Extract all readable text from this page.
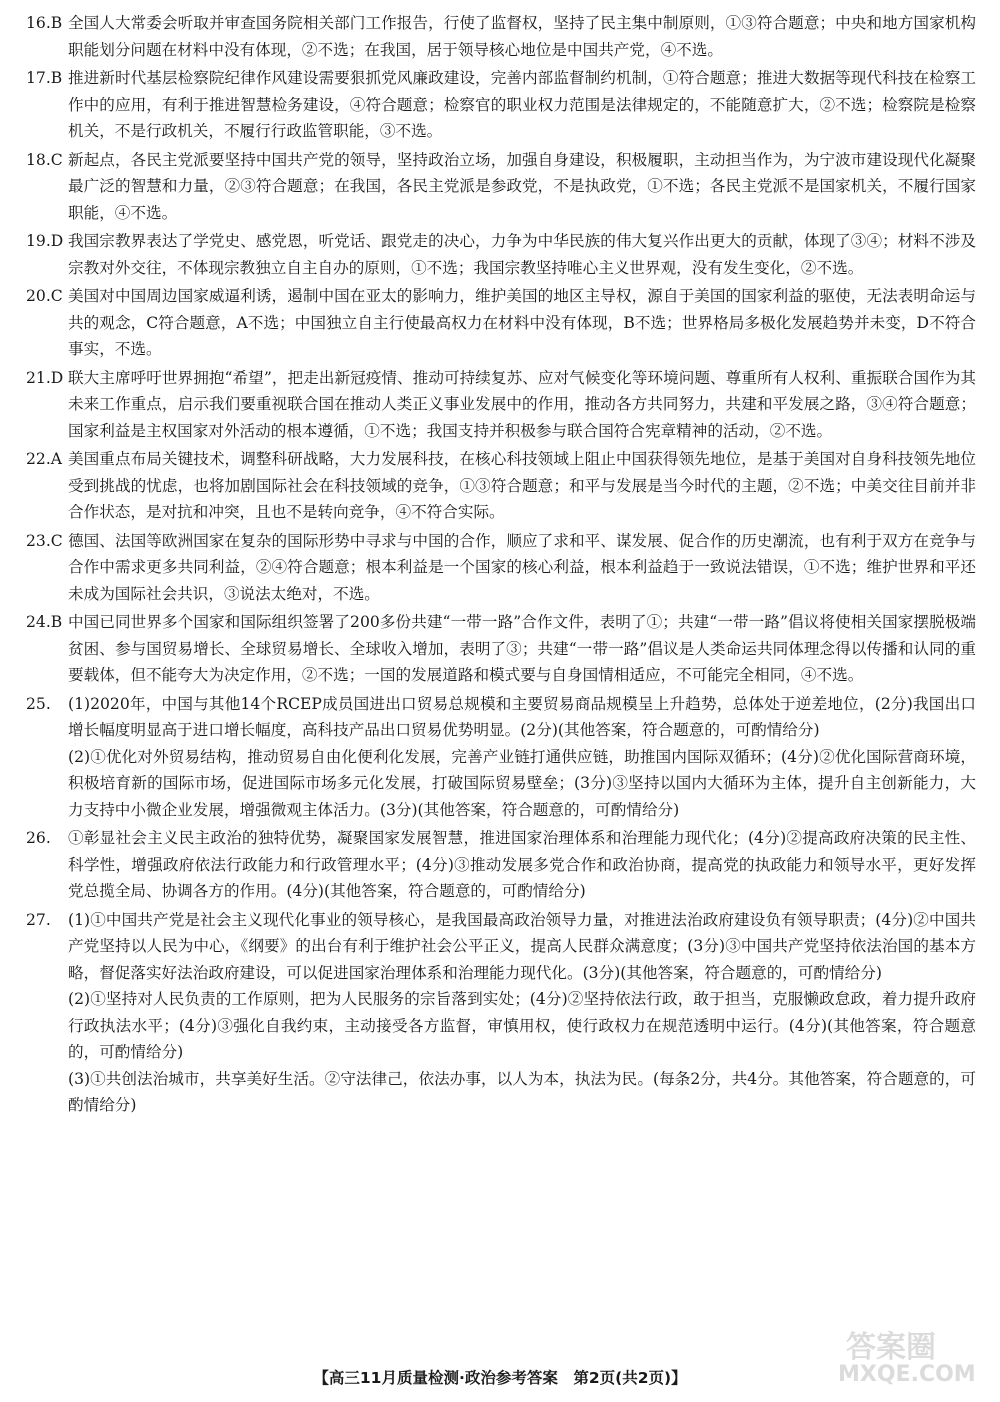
16.B 全国人大常委会听取并审查国务院相关部门工作报告，行使了监督权，坚持了民主集中制原则，①③符合题意；中央和地方国家机构职能划分问题在材料中没有体现，②不选；在我国，居于领导核心地位是中国共产党，④不选。
17.B 推进新时代基层检察院纪律作风建设需要狠抓党风廉政建设，完善内部监督制约机制，①符合题意；推进大数据等现代科技在检察工作中的应用，有利于推进智慧检务建设，④符合题意；检察官的职业权力范围是法律规定的，不能随意扩大，②不选；检察院是检察机关，不是行政机关，不履行行政监管职能，③不选。
18.C 新起点，各民主党派要坚持中国共产党的领导，坚持政治立场，加强自身建设，积极履职，主动担当作为，为宁波市建设现代化凝聚最广泛的智慧和力量，②③符合题意；在我国，各民主党派是参政党，不是执政党，①不选；各民主党派不是国家机关，不履行国家职能，④不选。
19.D 我国宗教界表达了学党史、感党恩，听党话、跟党走的决心，力争为中华民族的伟大复兴作出更大的贡献，体现了③④；材料不涉及宗教对外交往，不体现宗教独立自主自办的原则，①不选；我国宗教坚持唯心主义世界观，没有发生变化，②不选。
20.C 美国对中国周边国家威逼利诱，遏制中国在亚太的影响力，维护美国的地区主导权，源自于美国的国家利益的驱使，无法表明命运与共的观念，C符合题意，A不选；中国独立自主行使最高权力在材料中没有体现，B不选；世界格局多极化发展趋势并未变，D不符合事实，不选。
21.D 联大主席呼吁世界拥抱“希望”，把走出新冠疫情、推动可持续复苏、应对气候变化等环境问题、尊重所有人权利、重振联合国作为其未来工作重点，启示我们要重视联合国在推动人类正义事业发展中的作用，推动各方共同努力，共建和平发展之路，③④符合题意；国家利益是主权国家对外活动的根本遵循，①不选；我国支持并积极参与联合国符合宪章精神的活动，②不选。
22.A 美国重点布局关键技术，调整科研战略，大力发展科技，在核心科技领域上阻止中国获得领先地位，是基于美国对自身科技领先地位受到挑战的忧虑，也将加剧国际社会在科技领域的竞争，①③符合题意；和平与发展是当今时代的主题，②不选；中美交往目前并非合作状态，是对抗和冲突，且也不是转向竞争，④不符合实际。
23.C 德国、法国等欧洲国家在复杂的国际形势中寻求与中国的合作，顺应了求和平、谋发展、促合作的历史潮流，也有利于双方在竞争与合作中需求更多共同利益，②④符合题意；根本利益是一个国家的核心利益，根本利益趋于一致说法错误，①不选；维护世界和平还未成为国际社会共识，③说法太绝对，不选。
24.B 中国已同世界多个国家和国际组织签署了200多份共建“一带一路”合作文件，表明了①；共建“一带一路”倡议将使相关国家摆脱极端贫困、参与国贸易增长、全球贸易增长、全球收入增加，表明了③；共建“一带一路”倡议是人类命运共同体理念得以传播和认同的重要载体，但不能夸大为决定作用，②不选；一国的发展道路和模式要与自身国情相适应，不可能完全相同，④不选。
25.	(1)2020年，中国与其他14个RCEP成员国进出口贸易总规模和主要贸易商品规模呈上升趋势，总体处于逆差地位，(2分)我国出口增长幅度明显高于进口增长幅度，高科技产品出口贸易优势明显。(2分)(其他答案，符合题意的，可酌情给分)
(2)①优化对外贸易结构，推动贸易自由化便利化发展，完善产业链打通供应链，助推国内国际双循环；(4分)②优化国际营商环境，积极培育新的国际市场，促进国际市场多元化发展，打破国际贸易壁垒；(3分)③坚持以国内大循环为主体，提升自主创新能力，大力支持中小微企业发展，增强微观主体活力。(3分)(其他答案，符合题意的，可酌情给分)
26.	①彰显社会主义民主政治的独特优势，凝聚国家发展智慧，推进国家治理体系和治理能力现代化；(4分)②提高政府决策的民主性、科学性，增强政府依法行政能力和行政管理水平；(4分)③推动发展多党合作和政治协商，提高党的执政能力和领导水平，更好发挥党总揽全局、协调各方的作用。(4分)(其他答案，符合题意的，可酌情给分)
27.	(1)①中国共产党是社会主义现代化事业的领导核心，是我国最高政治领导力量，对推进法治政府建设负有领导职责；(4分)②中国共产党坚持以人民为中心，《纲要》的出台有利于维护社会公平正义，提高人民群众满意度；(3分)③中国共产党坚持依法治国的基本方略，督促落实好法治政府建设，可以促进国家治理体系和治理能力现代化。(3分)(其他答案，符合题意的，可酌情给分)
(2)①坚持对人民负责的工作原则，把为人民服务的宗旨落到实处；(4分)②坚持依法行政，敢于担当，克服懒政怠政，着力提升政府行政执法水平；(4分)③强化自我约束，主动接受各方监督，审慎用权，使行政权力在规范透明中运行。(4分)(其他答案，符合题意的，可酌情给分)
(3)①共创法治城市，共享美好生活。②守法律己，依法办事，以人为本，执法为民。(每条2分，共4分。其他答案，符合题意的，可酌情给分)
【高三11月质量检测·政治参考答案　第2页(共2页)】
答案圈
MXQE.COM
